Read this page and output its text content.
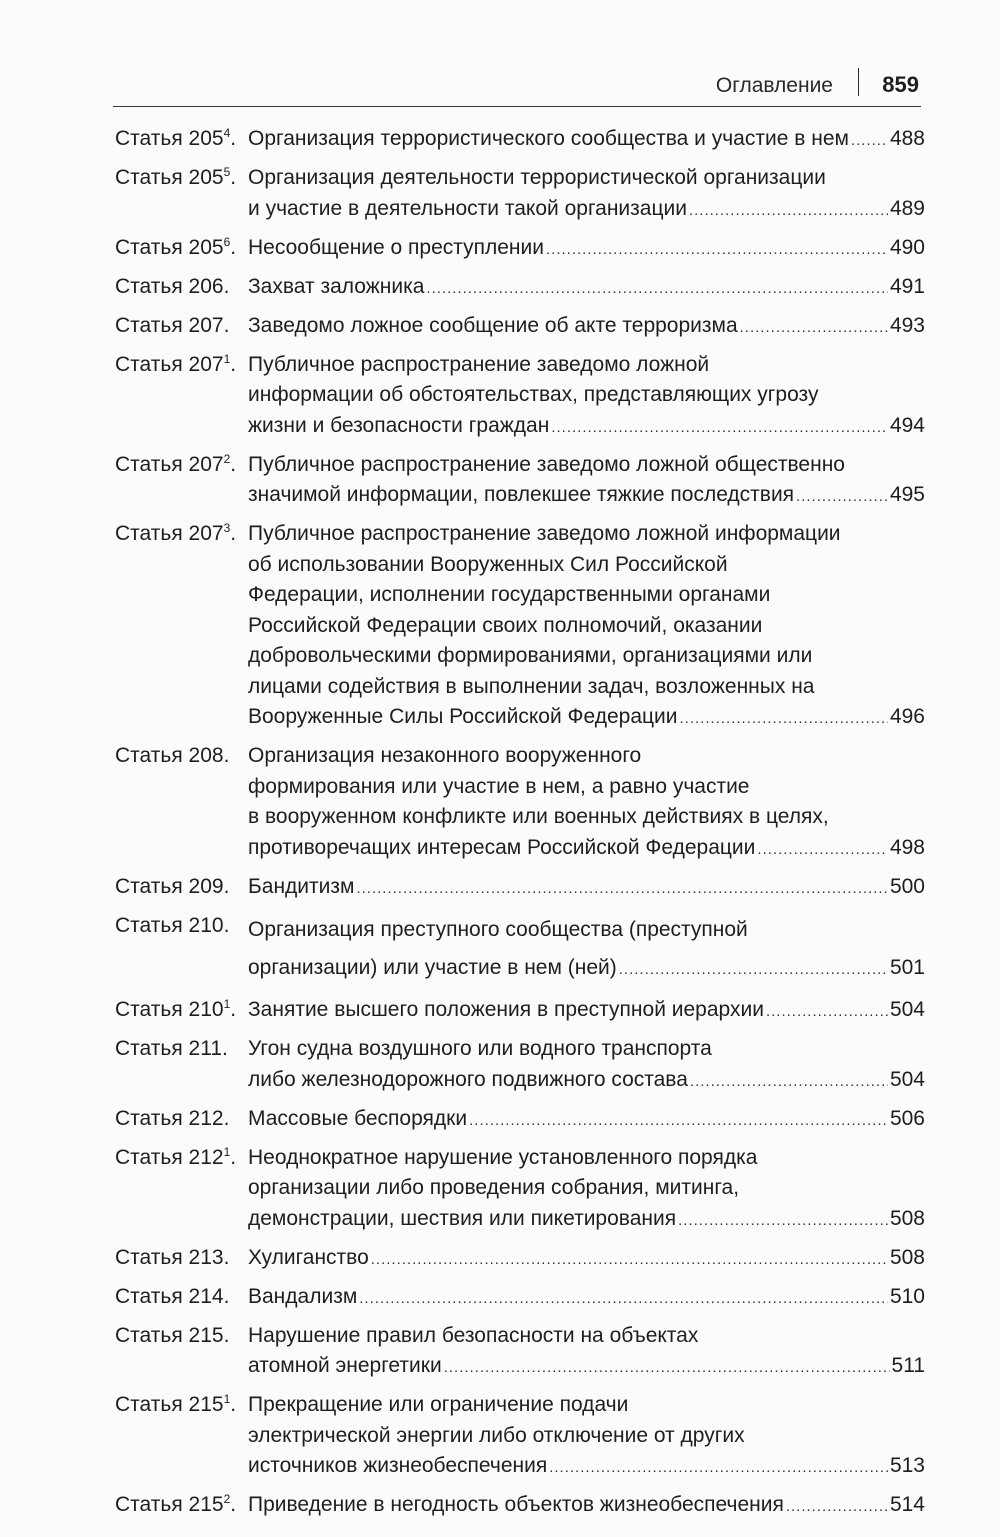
Оглавление 859
Статья $205^4$. Организация террористического сообщества и участие в нем ..... 488
Статья $205^5$. Организация деятельности террористической организации
и участие в деятельности такой организации .....	489
Статья $205^6$. Несообщение о преступлении .....	490
Статья 206. Захват заложника .....	491
Статья 207. Заведомо ложное сообщение об акте терроризма .....	493
Статья $207^1$. Публичное распространение заведомо ложной
информации об обстоятельствах, представляющих угрозу
жизни и безопасности граждан .....	494
Статья $207^2$. Публичное распространение заведомо ложной общественно
значимой информации, повлекшее тяжкие последствия .....	495
Статья $207^3$. Публичное распространение заведомо ложной информации
об использовании Вооруженных Сил Российской
Федерации, исполнении государственными органами
Российской Федерации своих полномочий, оказании
добровольческими формированиями, организациями или
лицами содействия в выполнении задач, возложенных на
Вооруженные Силы Российской Федерации .....	496
Статья 208. Организация незаконного вооруженного
формирования или участие в нем, а равно участие
в вооруженном конфликте или военных действиях в целях,
противоречащих интересам Российской Федерации .....	498
Статья 209. Бандитизм .....	500
Статья 210. Организация преступного сообщества (преступной
организации) или участие в нем (ней) .....	501
Статья $210^1$. Занятие высшего положения в преступной иерархии .....	504
Статья 211. Угон судна воздушного или водного транспорта
либо железнодорожного подвижного состава .....	504
Статья 212. Массовые беспорядки .....	506
Статья $212^1$. Неоднократное нарушение установленного порядка
организации либо проведения собрания, митинга,
демонстрации, шествия или пикетирования .....	508
Статья 213. Хулиганство .....	508
Статья 214. Вандализм .....	510
Статья 215. Нарушение правил безопасности на объектах
атомной энергетики .....	511
Статья $215^1$. Прекращение или ограничение подачи
электрической энергии либо отключение от других
источников жизнеобеспечения .....	513
Статья $215^2$. Приведение в негодность объектов жизнеобеспечения .....	514
